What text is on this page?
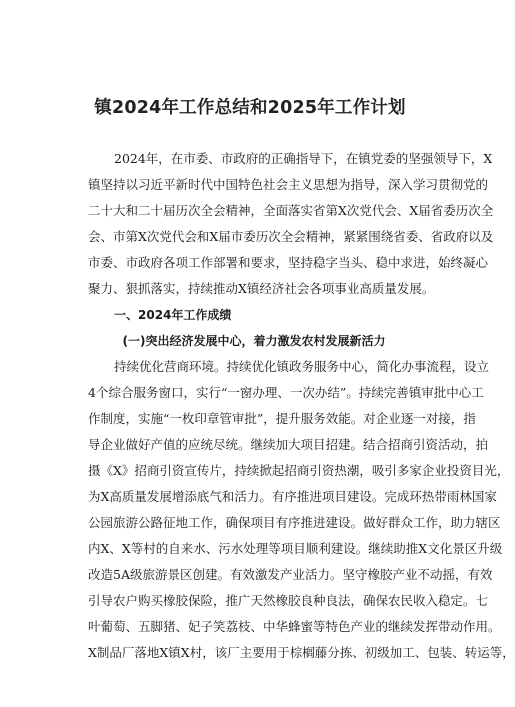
镇2024年工作总结和2025年工作计划
2024年，在市委、市政府的正确指导下，在镇党委的坚强领导下，X
镇坚持以习近平新时代中国特色社会主义思想为指导，深入学习贯彻党的
二十大和二十届历次全会精神，全面落实省第X次党代会、X届省委历次全
会、市第X次党代会和X届市委历次全会精神，紧紧围绕省委、省政府以及
市委、市政府各项工作部署和要求，坚持稳字当头、稳中求进，始终凝心
聚力、狠抓落实，持续推动X镇经济社会各项事业高质量发展。
一、2024年工作成绩
(一)突出经济发展中心，着力激发农村发展新活力
持续优化营商环境。持续优化镇政务服务中心，简化办事流程，设立
4个综合服务窗口，实行“一窗办理、一次办结”。持续完善镇审批中心工
作制度，实施“一枚印章管审批”，提升服务效能。对企业逐一对接，指
导企业做好产值的应统尽统。继续加大项目招建。结合招商引资活动，拍
摄《X》招商引资宣传片，持续掀起招商引资热潮，吸引多家企业投资目光，
为X高质量发展增添底气和活力。有序推进项目建设。完成环热带雨林国家
公园旅游公路征地工作，确保项目有序推进建设。做好群众工作，助力辖区
内X、X等村的自来水、污水处理等项目顺利建设。继续助推X文化景区升级
改造5A级旅游景区创建。有效激发产业活力。坚守橡胶产业不动摇，有效
引导农户购买橡胶保险，推广天然橡胶良种良法，确保农民收入稳定。七
叶葡萄、五脚猪、妃子笑荔枝、中华蜂蜜等特色产业的继续发挥带动作用。
X制品厂落地X镇X村，该厂主要用于棕榈藤分拣、初级加工、包装、转运等，
